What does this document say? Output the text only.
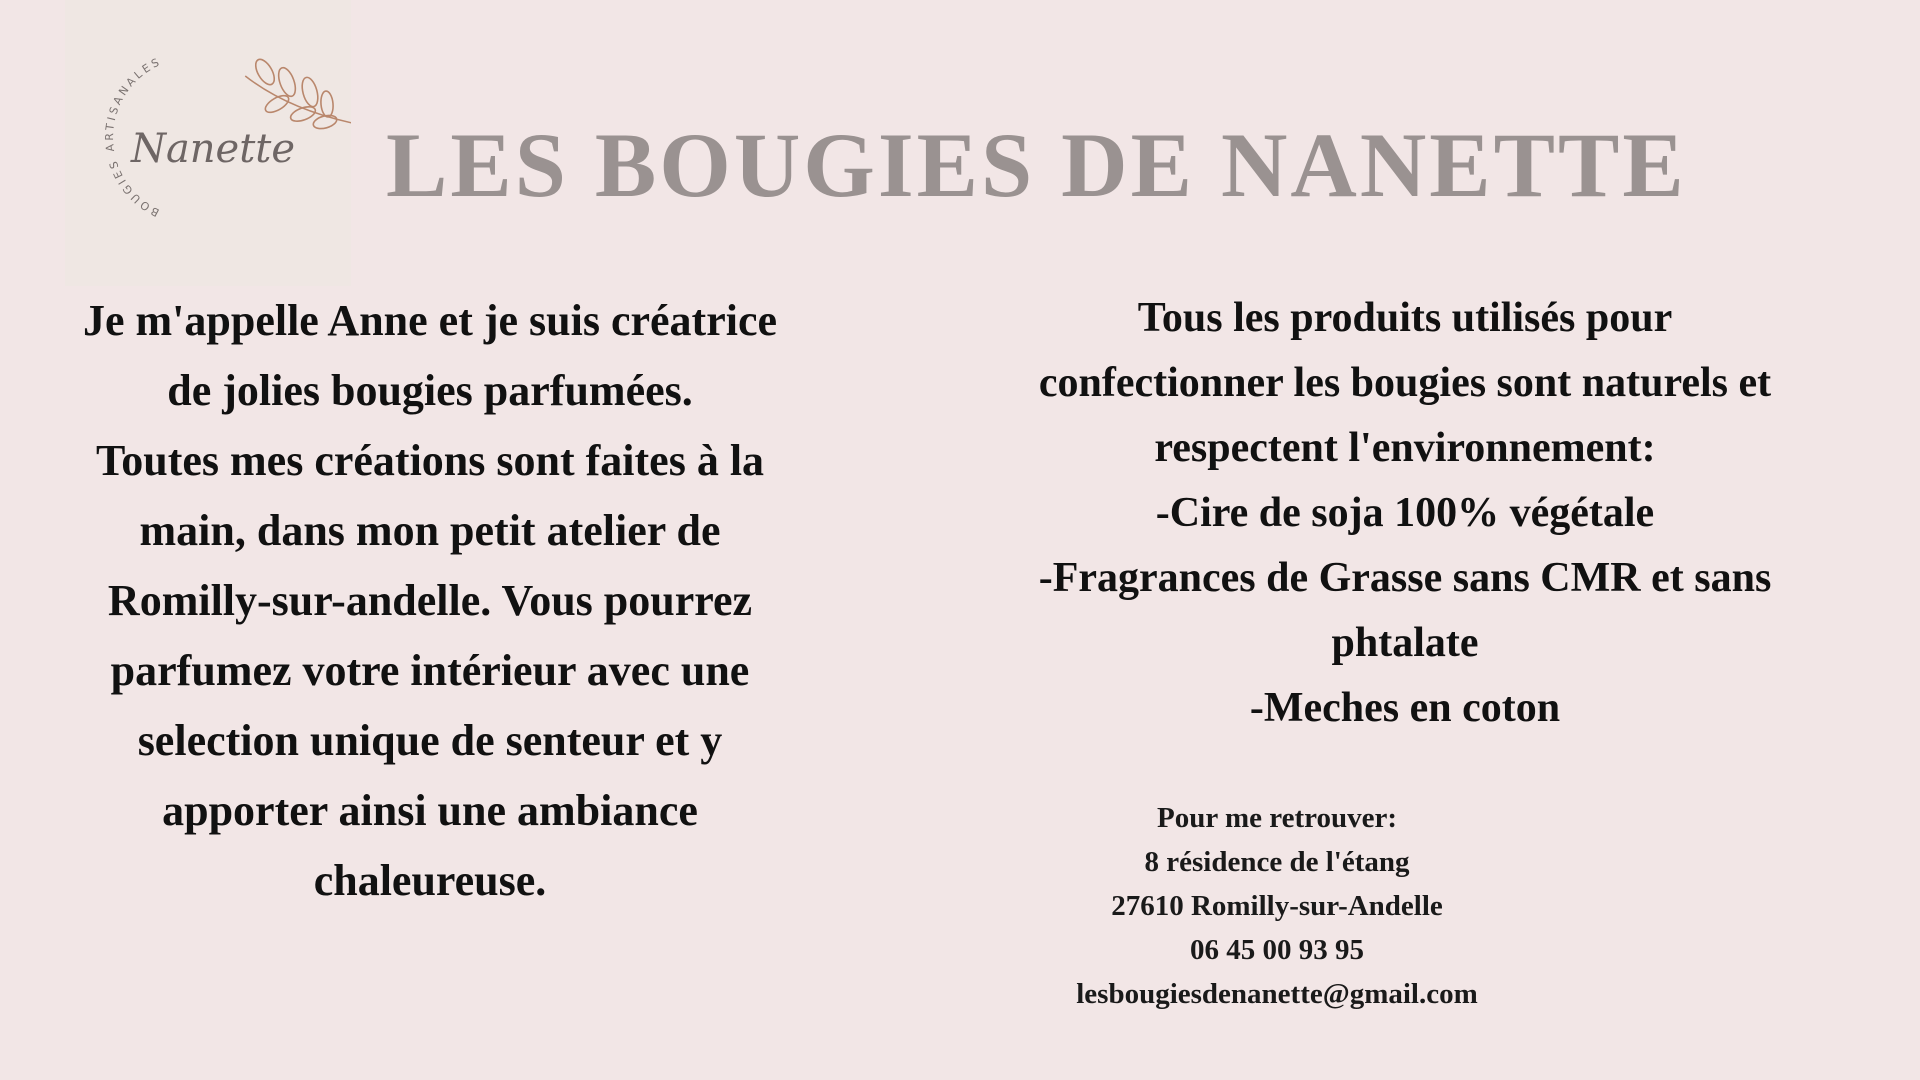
BOUGIES ARTISANALES
Nanette LES BOUGIES DE NANETTE
Je m'appelle Anne et je suis créatrice
de jolies bougies parfumées.
Toutes mes créations sont faites à la
main, dans mon petit atelier de
Romilly-sur-andelle. Vous pourrez
parfumez votre intérieur avec une
selection unique de senteur et y
apporter ainsi une ambiance
chaleureuse.
Tous les produits utilisés pour
confectionner les bougies sont naturels et
respectent l'environnement:
-Cire de soja 100% végétale
-Fragrances de Grasse sans CMR et sans
phtalate
-Meches en coton
Pour me retrouver:
8 résidence de l'étang
27610 Romilly-sur-Andelle
06 45 00 93 95
lesbougiesdenanette@gmail.com
